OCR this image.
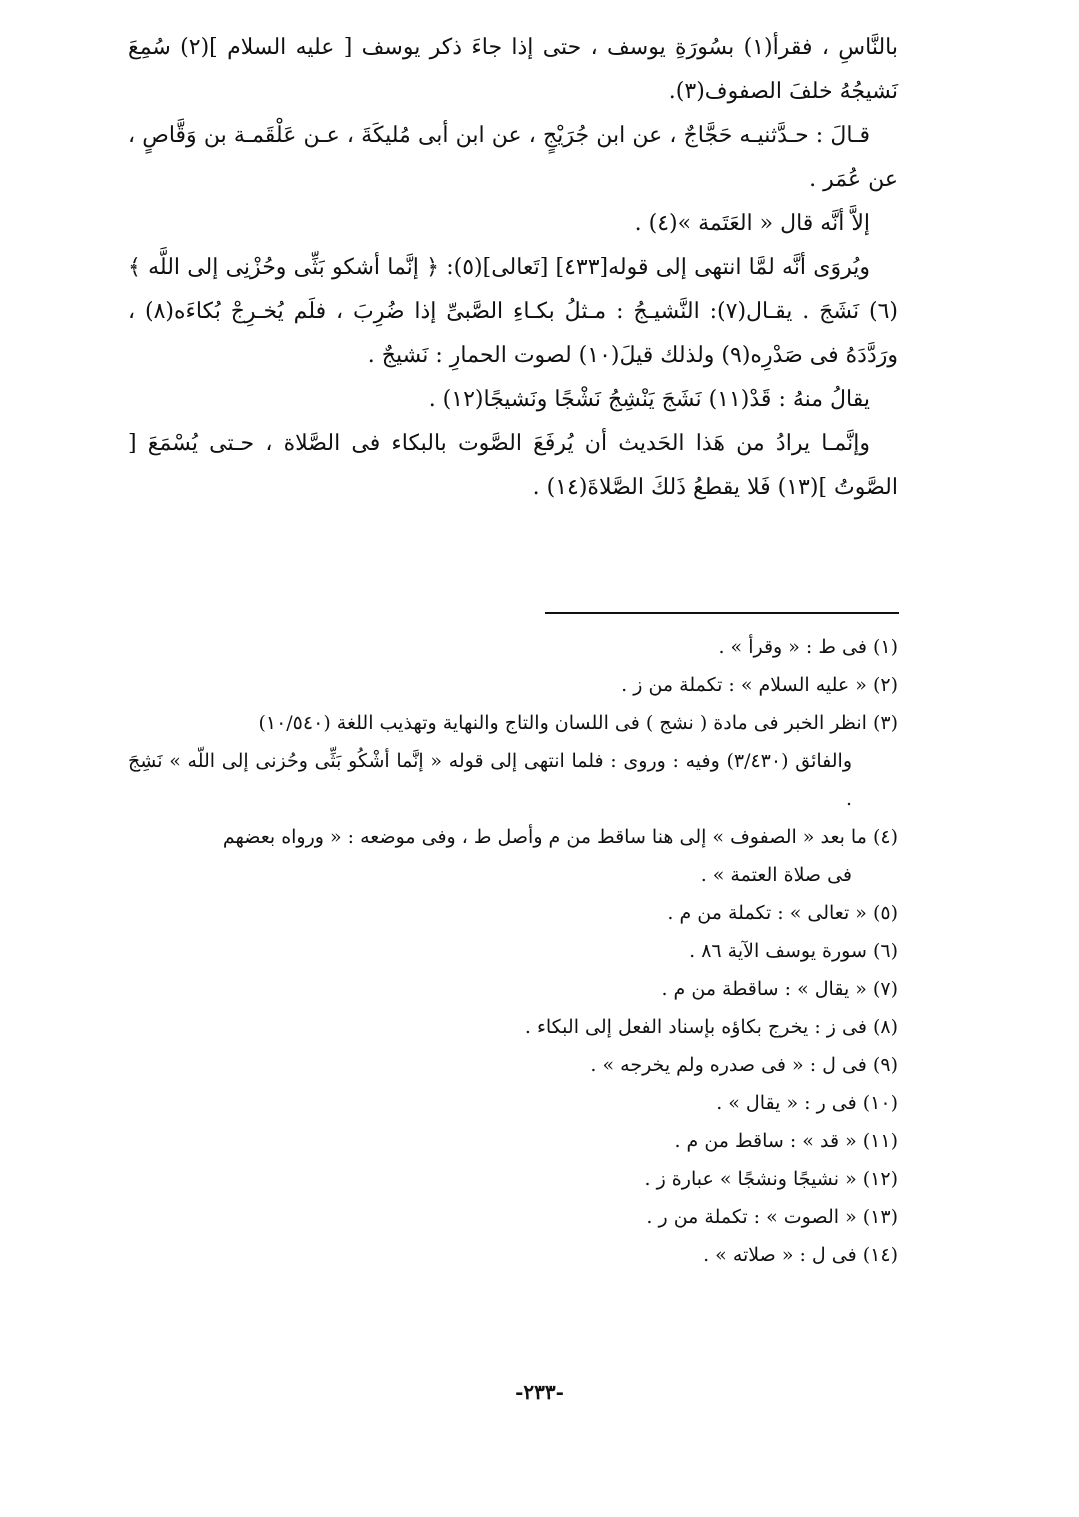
بالنَّاسِ ، فقرأ(١) بسُورَةِ يوسف ، حتى إذا جاءَ ذكر يوسف [ عليه السلام ](٢) سُمِعَ نَشيجُهُ خلفَ الصفوف(٣).

قـالَ : حـدَّثنيـه حَجَّاجٌ ، عن ابن جُرَيْجٍ ، عن ابن أبى مُليكَةَ ، عـن عَلْقَمـة بن وَقَّاصٍ ، عن عُمَر .

إلاَّ أنَّه قال « العَتَمة »(٤) .

ويُروَى أنَّه لمَّا انتهى إلى قوله[٤٣٣] [تَعالى](٥): ﴿ إنَّما أشكو بَثِّى وحُزْنِى إلى اللَّه ﴾(٦) نَشَجَ . يقـال(٧): النَّشيـجُ : مـثلُ بكـاءِ الصَّبىِّ إذا ضُرِبَ ، فلَم يُخـرِجْ بُكاءَه(٨) ، ورَدَّدَهُ فى صَدْرِه(٩) ولذلك قيلَ(١٠) لصوت الحمارِ : نَشيجٌ .

يقالُ منهُ : قَدْ(١١) نَشَجَ يَنْشِجُ نَشْجًا ونَشيجًا(١٢) .

وإنَّمـا يرادُ من هَذا الحَديث أن يُرفَعَ الصَّوت بالبكاء فى الصَّلاة ، حـتى يُسْمَعَ [ الصَّوتُ ](١٣) فَلا يقطعُ ذَلكَ الصَّلاةَ(١٤) .

(١) فى ط : « وقرأ » .
(٢) « عليه السلام » : تكملة من ز .
(٣) انظر الخبر فى مادة ( نشج ) فى اللسان والتاج والنهاية وتهذيب اللغة (١٠/٥٤٠)
والفائق (٣/٤٣٠) وفيه : وروى : فلما انتهى إلى قوله « إنَّما أشْكُو بَثِّى وحُزنى إلى اللّه » نَشِجَ .
(٤) ما بعد « الصفوف » إلى هنا ساقط من م وأصل ط ، وفى موضعه : « ورواه بعضهم
فى صلاة العتمة » .
(٥) « تعالى » : تكملة من م .
(٦) سورة يوسف الآية ٨٦ .
(٧) « يقال » : ساقطة من م .
(٨) فى ز : يخرج بكاؤه بإسناد الفعل إلى البكاء .
(٩) فى ل : « فى صدره ولم يخرجه » .
(١٠) فى ر : « يقال » .
(١١) « قد » : ساقط من م .
(١٢) « نشيجًا ونشجًا » عبارة ز .
(١٣) « الصوت » : تكملة من ر .
(١٤) فى ل : « صلاته » .
-٢٣٣-
